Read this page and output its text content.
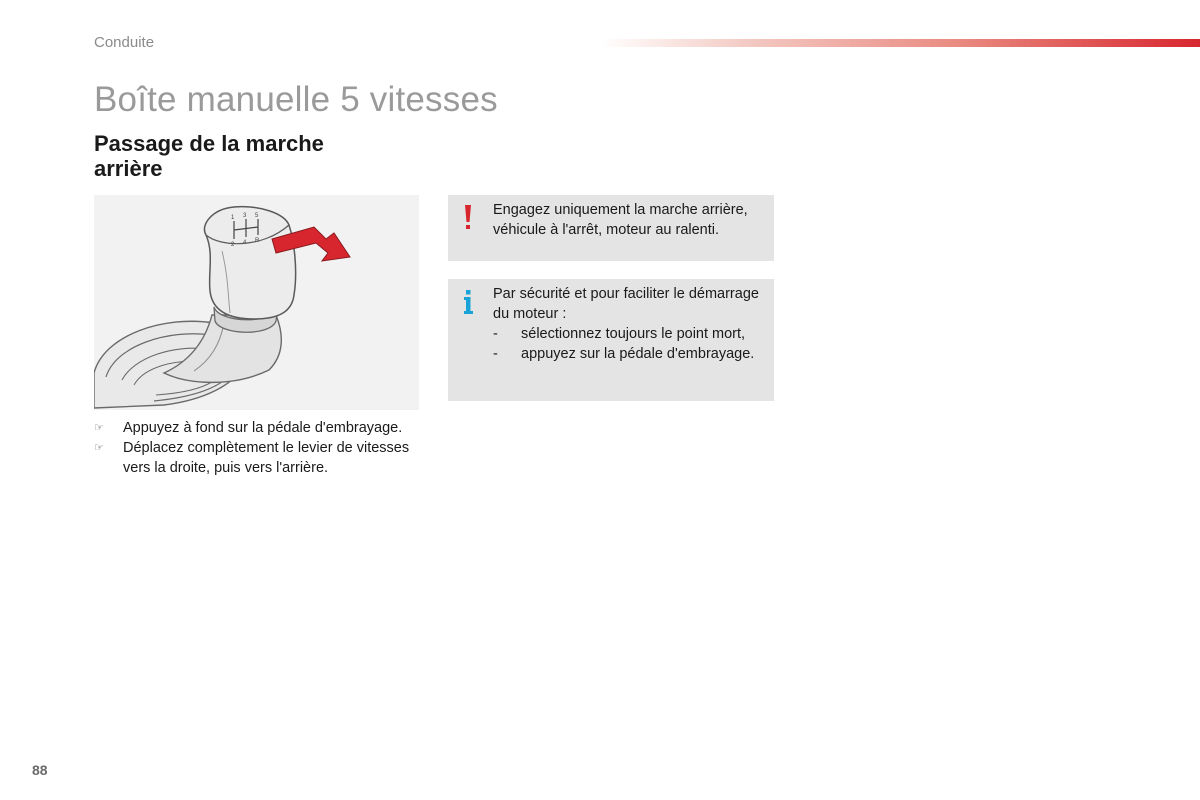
Conduite
Boîte manuelle 5 vitesses
Passage de la marche arrière
1 3 5
2 4 R
☞ Appuyez à fond sur la pédale d'embrayage.
☞ Déplacez complètement le levier de vitesses vers la droite, puis vers l'arrière.

Engagez uniquement la marche arrière, véhicule à l'arrêt, moteur au ralenti.

Par sécurité et pour faciliter le démarrage du moteur :

- sélectionnez toujours le point mort,
- appuyez sur la pédale d'embrayage.
88
